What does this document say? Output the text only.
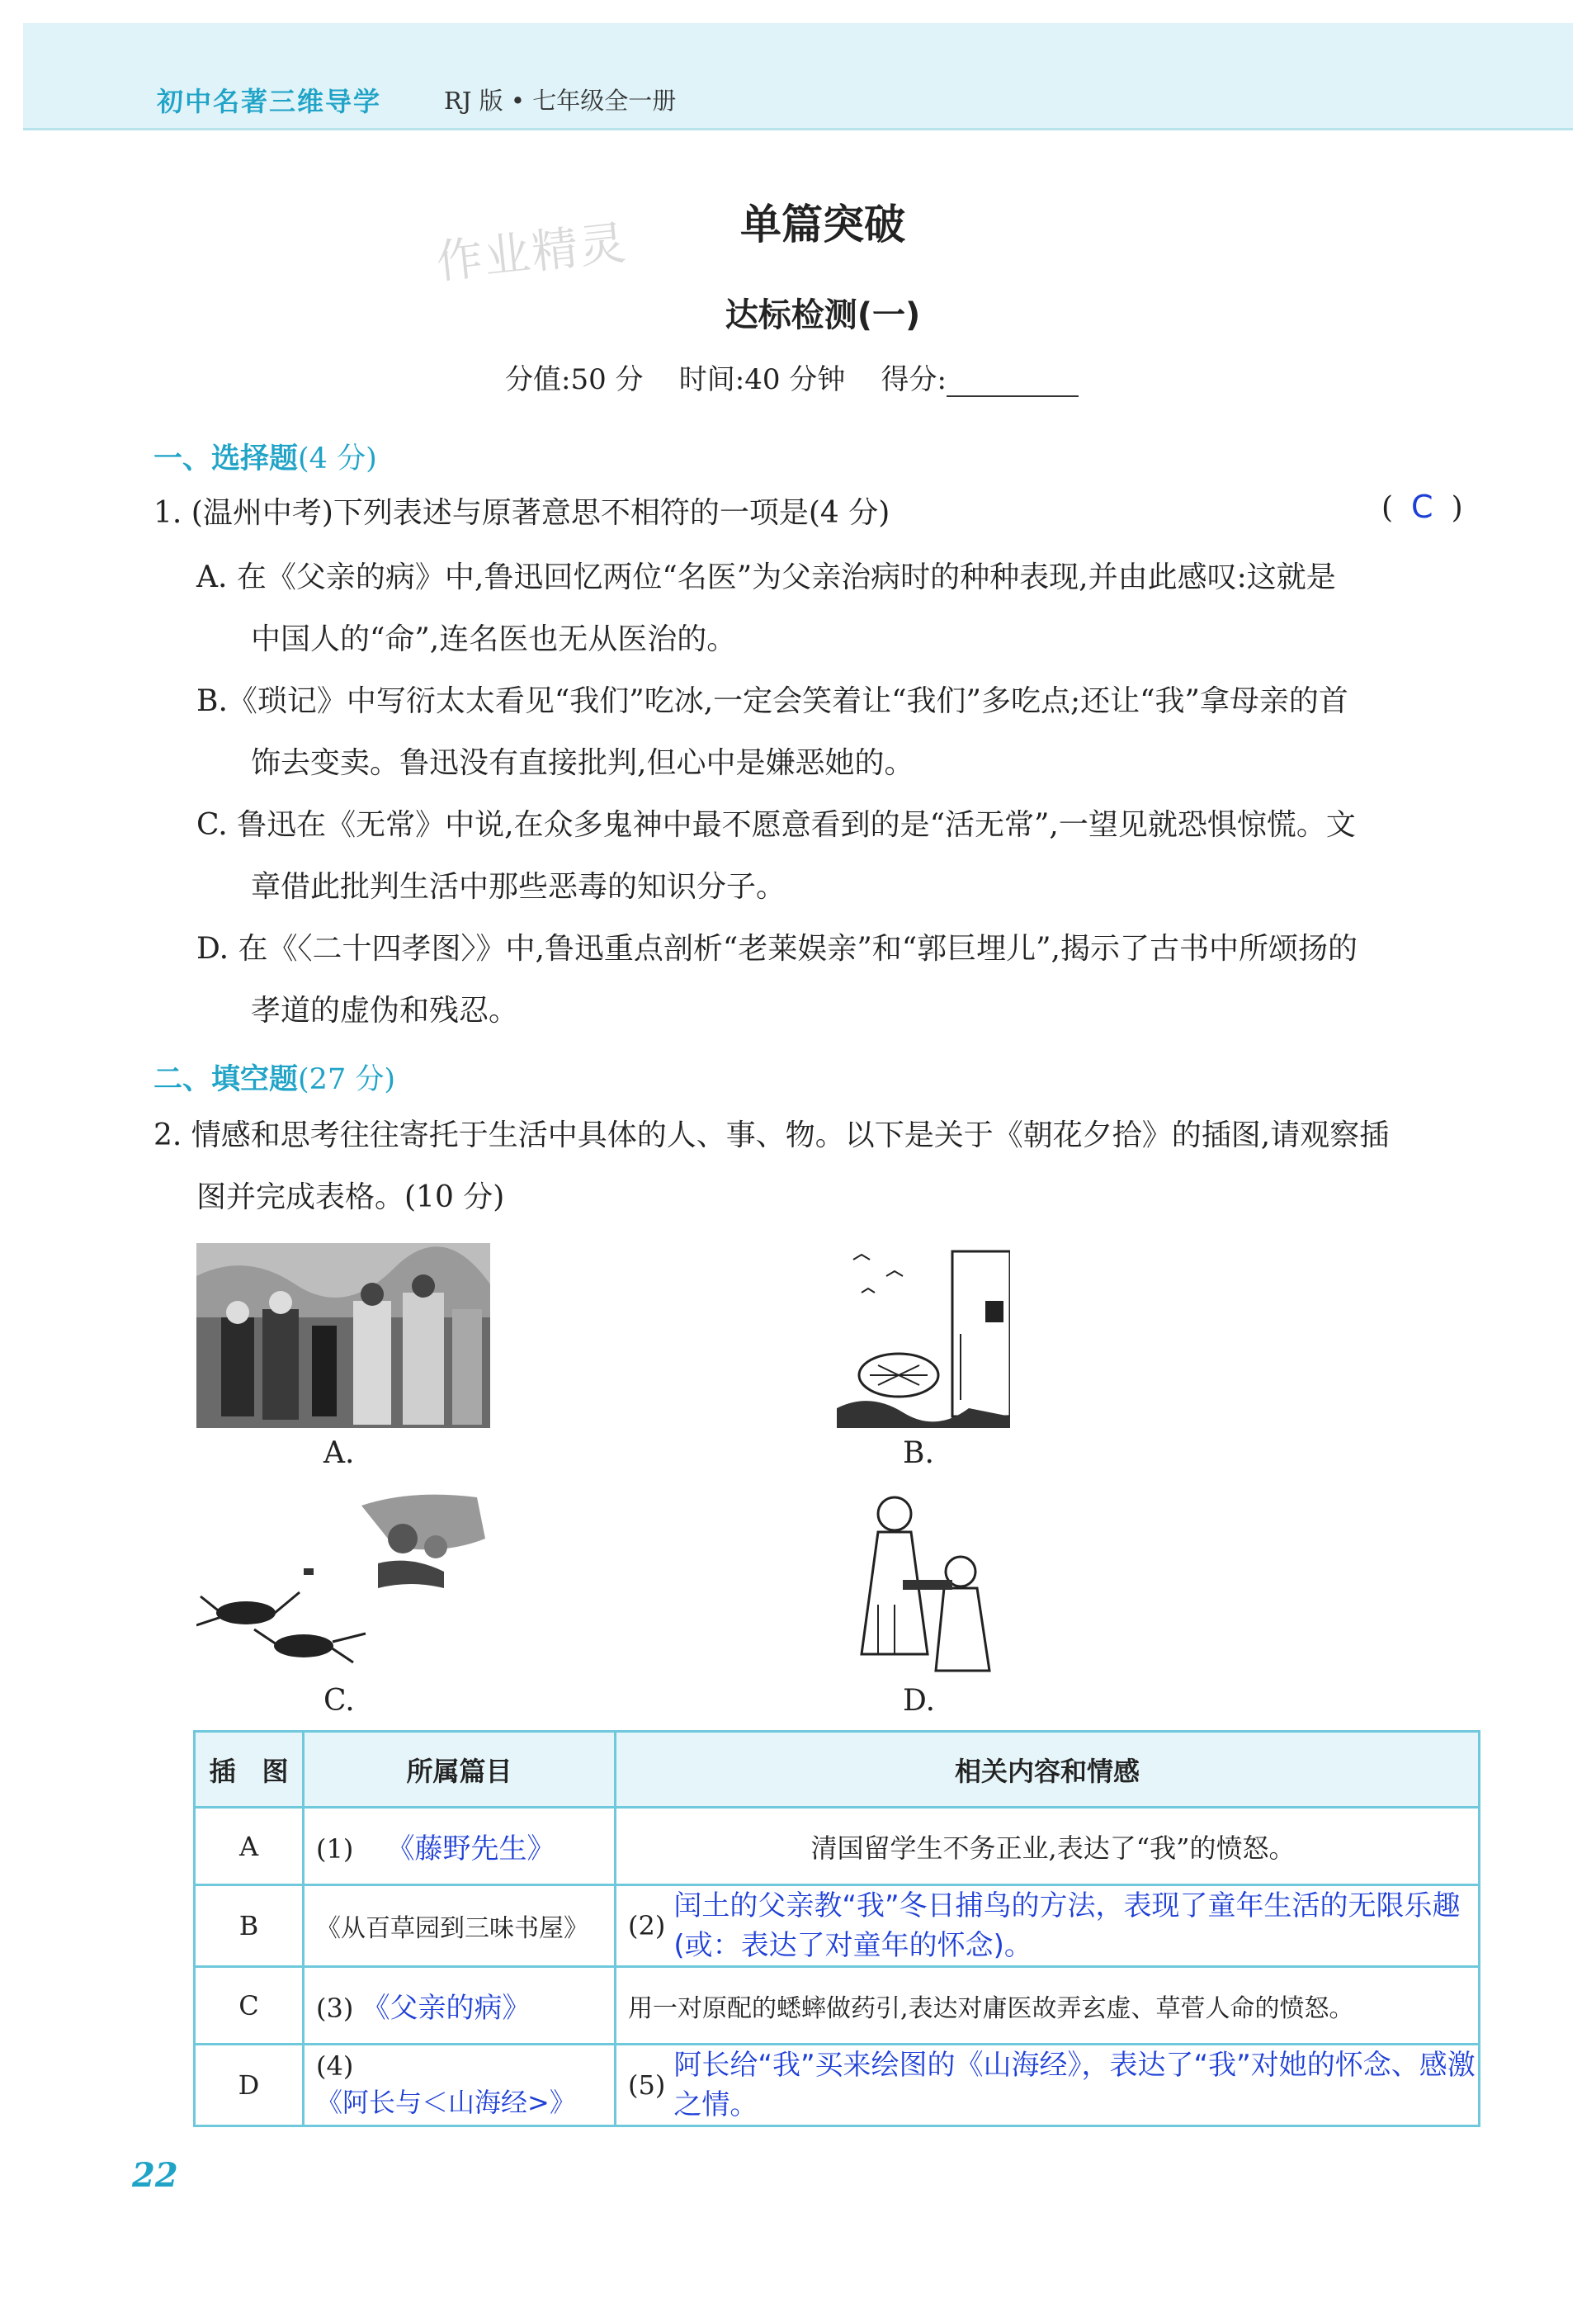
初中名著三维导学	RJ 版 • 七年级全一册
作业精灵	单篇突破
达标检测(一)
分值:50 分 时间:40 分钟 得分:
一、选择题(4 分)
1. (温州中考)下列表述与原著意思不相符的一项是(4 分)	( C )
A. 在《父亲的病》中,鲁迅回忆两位“名医”为父亲治病时的种种表现,并由此感叹:这就是
中国人的“命”,连名医也无从医治的。
B.《琐记》中写衍太太看见“我们”吃冰,一定会笑着让“我们”多吃点;还让“我”拿母亲的首
饰去变卖。鲁迅没有直接批判,但心中是嫌恶她的。
C. 鲁迅在《无常》中说,在众多鬼神中最不愿意看到的是“活无常”,一望见就恐惧惊慌。文
章借此批判生活中那些恶毒的知识分子。
D. 在《〈二十四孝图〉》中,鲁迅重点剖析“老莱娱亲”和“郭巨埋儿”,揭示了古书中所颂扬的
孝道的虚伪和残忍。
二、填空题(27 分)
2. 情感和思考往往寄托于生活中具体的人、事、物。以下是关于《朝花夕拾》的插图,请观察插
图并完成表格。(10 分)
A.	B.
C.	D.
插　图	所属篇目	相关内容和情感
A	(1) 《藤野先生》	清国留学生不务正业,表达了“我”的愤怒。
B	《从百草园到三味书屋》	(2)
闰土的父亲教“我”冬日捕鸟的方法，表现了童年生活的无限乐趣(或：表达了对童年的怀念)。

C	(3) 《父亲的病》	用一对原配的蟋蟀做药引,表达对庸医故弄玄虚、草菅人命的愤怒。
D	(4) 《阿长与＜山海经>》	(5)
阿长给“我”买来绘图的《山海经》，表达了“我”对她的怀念、感激之情。
22
